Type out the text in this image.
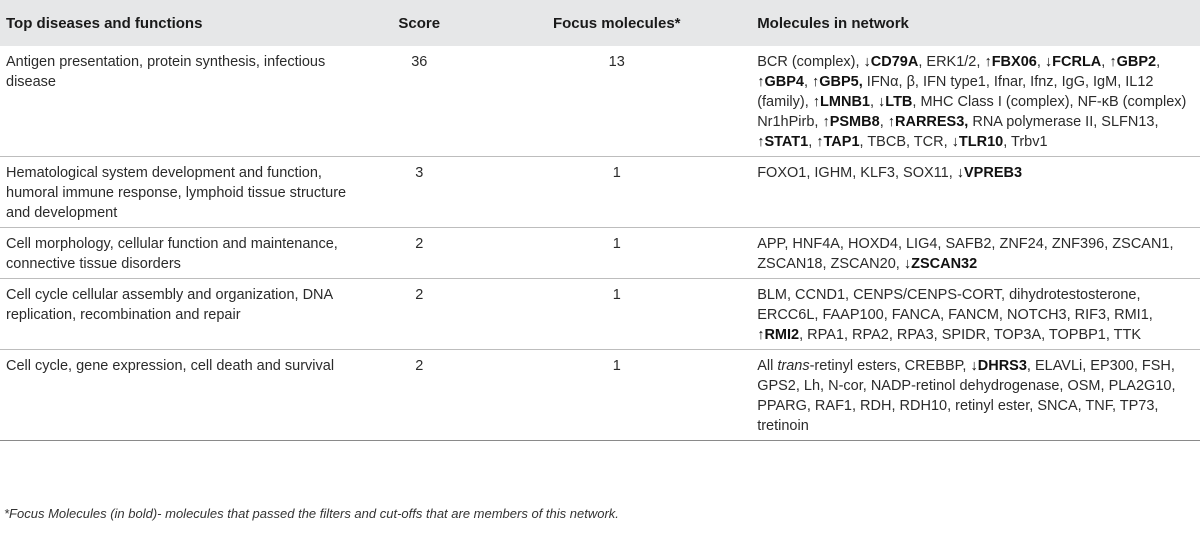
Top diseases and functions	Score	Focus molecules*	Molecules in network
Antigen presentation, protein synthesis, infectious disease	36	13	BCR (complex), ↓CD79A, ERK1/2, ↑FBX06, ↓FCRLA, ↑GBP2, ↑GBP4, ↑GBP5, IFNα, β, IFN type1, Ifnar, Ifnz, IgG, IgM, IL12 (family), ↑LMNB1, ↓LTB, MHC Class I (complex), NF-κB (complex) Nr1hPirb, ↑PSMB8, ↑RARRES3, RNA polymerase II, SLFN13, ↑STAT1, ↑TAP1, TBCB, TCR, ↓TLR10, Trbv1
Hematological system development and function, humoral immune response, lymphoid tissue structure and development	3	1	FOXO1, IGHM, KLF3, SOX11, ↓VPREB3
Cell morphology, cellular function and maintenance, connective tissue disorders	2	1	APP, HNF4A, HOXD4, LIG4, SAFB2, ZNF24, ZNF396, ZSCAN1, ZSCAN18, ZSCAN20, ↓ZSCAN32
Cell cycle cellular assembly and organization, DNA replication, recombination and repair	2	1	BLM, CCND1, CENPS/CENPS-CORT, dihydrotestosterone, ERCC6L, FAAP100, FANCA, FANCM, NOTCH3, RIF3, RMI1, ↑RMI2, RPA1, RPA2, RPA3, SPIDR, TOP3A, TOPBP1, TTK
Cell cycle, gene expression, cell death and survival	2	1	All trans-retinyl esters, CREBBP, ↓DHRS3, ELAVLi, EP300, FSH, GPS2, Lh, N-cor, NADP-retinol dehydrogenase, OSM, PLA2G10, PPARG, RAF1, RDH, RDH10, retinyl ester, SNCA, TNF, TP73, tretinoin
*Focus Molecules (in bold)- molecules that passed the filters and cut-offs that are members of this network.
